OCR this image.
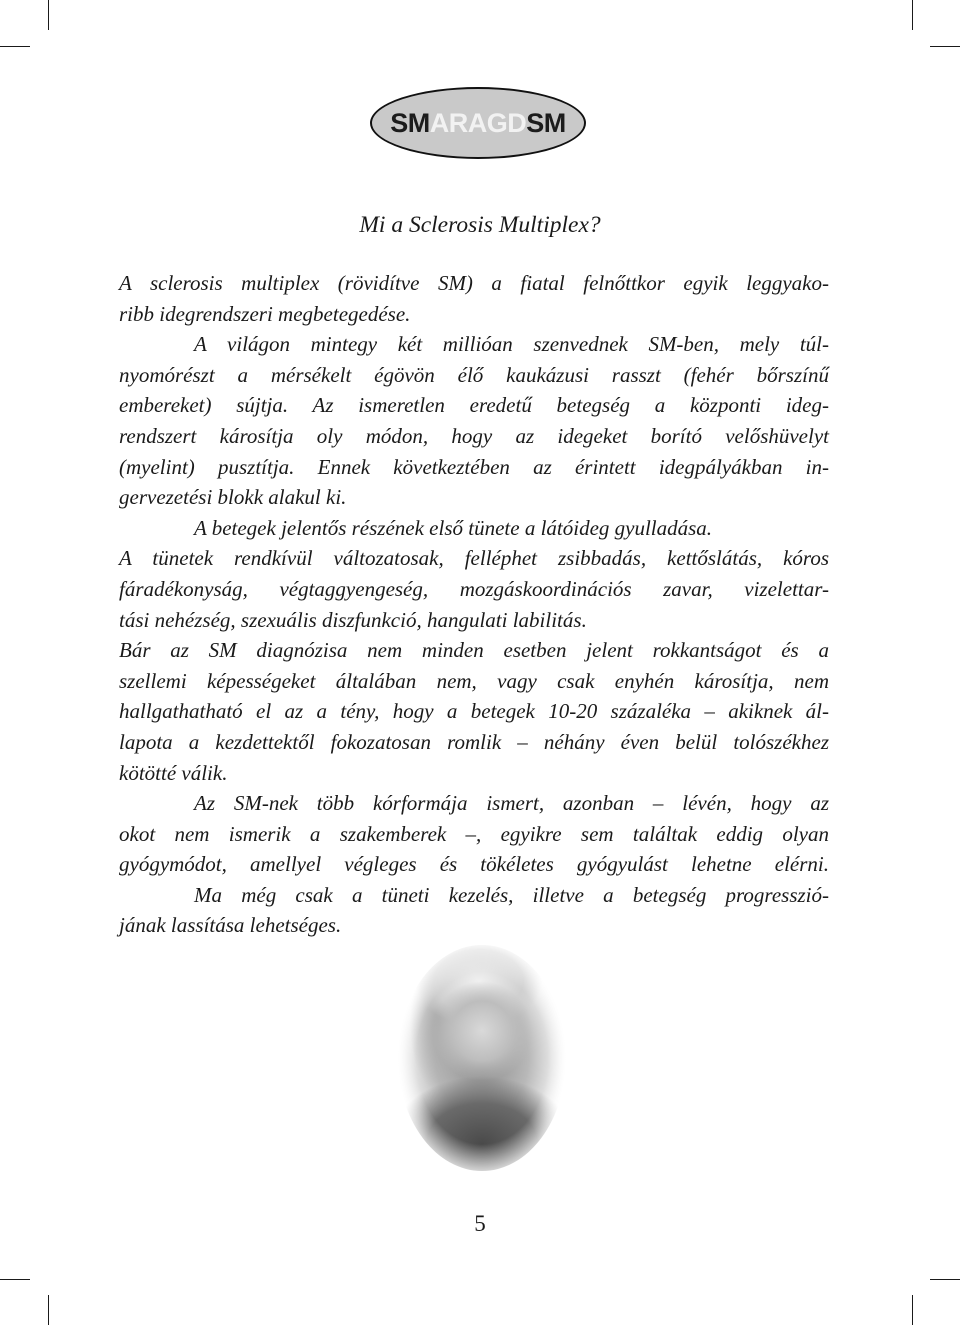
SMARAGDSM
Mi a Sclerosis Multiplex?
A sclerosis multiplex (rövidítve SM) a fiatal felnőttkor egyik leggyako-
ribb idegrendszeri megbetegedése.
A világon mintegy két millióan szenvednek SM-ben, mely túl-
nyomórészt a mérsékelt égövön élő kaukázusi rasszt (fehér bőrszínű
embereket) sújtja. Az ismeretlen eredetű betegség a központi ideg-
rendszert károsítja oly módon, hogy az idegeket borító velőshüvelyt
(myelint) pusztítja. Ennek következtében az érintett idegpályákban in-
gervezetési blokk alakul ki.
A betegek jelentős részének első tünete a látóideg gyulladása.
A tünetek rendkívül változatosak, felléphet zsibbadás, kettőslátás, kóros
fáradékonyság, végtaggyengeség, mozgáskoordinációs zavar, vizelettar-
tási nehézség, szexuális diszfunkció, hangulati labilitás.
Bár az SM diagnózisa nem minden esetben jelent rokkantságot és a
szellemi képességeket általában nem, vagy csak enyhén károsítja, nem
hallgathatható el az a tény, hogy a betegek 10-20 százaléka – akiknek ál-
lapota a kezdettektől fokozatosan romlik – néhány éven belül tolószékhez
kötötté válik.
Az SM-nek több kórformája ismert, azonban – lévén, hogy az
okot nem ismerik a szakemberek –, egyikre sem találtak eddig olyan
gyógymódot, amellyel végleges és tökéletes gyógyulást lehetne elérni.
Ma még csak a tüneti kezelés, illetve a betegség progresszió-
jának lassítása lehetséges.
5
